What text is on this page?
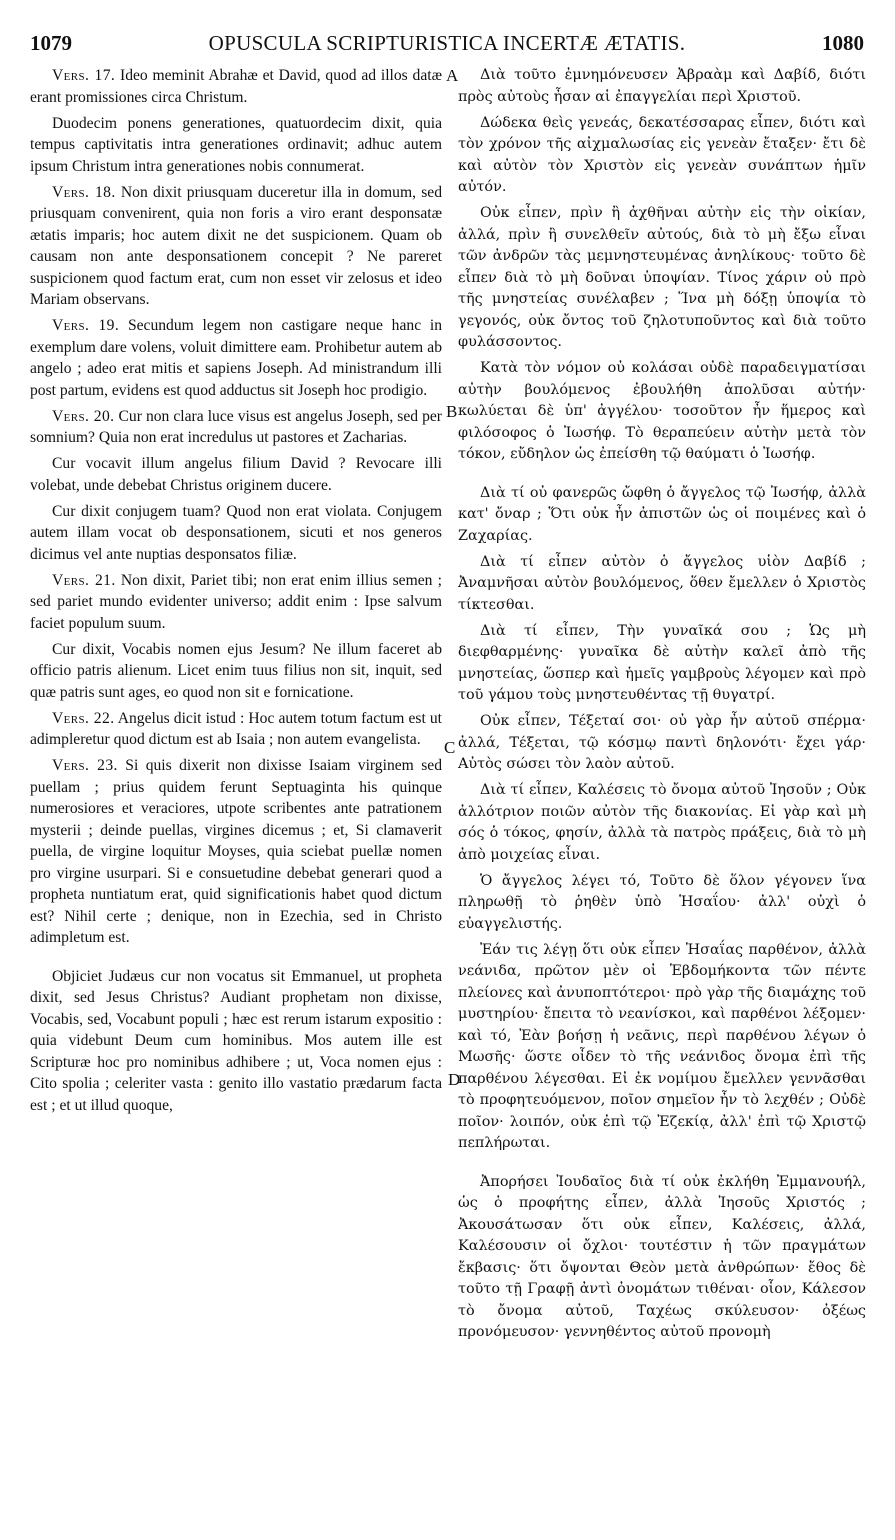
1079	OPUSCULA SCRIPTURISTICA INCERTÆ ÆTATIS.	1080
A
B
C
D

Vers. 17. Ideo meminit Abrahæ et David, quod ad illos datæ erant promissiones circa Christum.

Duodecim ponens generationes, quatuordecim dixit, quia tempus captivitatis intra generationes ordinavit; adhuc autem ipsum Christum intra generationes nobis connumerat.

Vers. 18. Non dixit priusquam duceretur illa in domum, sed priusquam convenirent, quia non foris a viro erant desponsatæ ætatis imparis; hoc autem dixit ne det suspicionem. Quam ob causam non ante desponsationem concepit ? Ne pareret suspicionem quod factum erat, cum non esset vir zelosus et ideo Mariam observans.

Vers. 19. Secundum legem non castigare neque hanc in exemplum dare volens, voluit dimittere eam. Prohibetur autem ab angelo ; adeo erat mitis et sapiens Joseph. Ad ministrandum illi post partum, evidens est quod adductus sit Joseph hoc prodigio.

Vers. 20. Cur non clara luce visus est angelus Joseph, sed per somnium? Quia non erat incredulus ut pastores et Zacharias.

Cur vocavit illum angelus filium David ? Revocare illi volebat, unde debebat Christus originem ducere.

Cur dixit conjugem tuam? Quod non erat violata. Conjugem autem illam vocat ob desponsationem, sicuti et nos generos dicimus vel ante nuptias desponsatos filiæ.

Vers. 21. Non dixit, Pariet tibi; non erat enim illius semen ; sed pariet mundo evidenter universo; addit enim : Ipse salvum faciet populum suum.

Cur dixit, Vocabis nomen ejus Jesum? Ne illum faceret ab officio patris alienum. Licet enim tuus filius non sit, inquit, sed quæ patris sunt ages, eo quod non sit e fornicatione.

Vers. 22. Angelus dicit istud : Hoc autem totum factum est ut adimpleretur quod dictum est ab Isaia ; non autem evangelista.

Vers. 23. Si quis dixerit non dixisse Isaiam virginem sed puellam ; prius quidem ferunt Septuaginta his quinque numerosiores et veraciores, utpote scribentes ante patrationem mysterii ; deinde puellas, virgines dicemus ; et, Si clamaverit puella, de virgine loquitur Moyses, quia sciebat puellæ nomen pro virgine usurpari. Si e consuetudine debebat generari quod a propheta nuntiatum erat, quid significationis habet quod dictum est? Nihil certe ; denique, non in Ezechia, sed in Christo adimpletum est.

Objiciet Judæus cur non vocatus sit Emmanuel, ut propheta dixit, sed Jesus Christus? Audiant prophetam non dixisse, Vocabis, sed, Vocabunt populi ; hæc est rerum istarum expositio : quia videbunt Deum cum hominibus. Mos autem ille est Scripturæ hoc pro nominibus adhibere ; ut, Voca nomen ejus : Cito spolia ; celeriter vasta : genito illo vastatio prædarum facta est ; et ut illud quoque,

Διὰ τοῦτο ἐμνημόνευσεν Ἀβραὰμ καὶ Δαβίδ, διότι πρὸς αὐτοὺς ἦσαν αἱ ἐπαγγελίαι περὶ Χριστοῦ.

Δώδεκα θεὶς γενεάς, δεκατέσσαρας εἶπεν, διότι καὶ τὸν χρόνον τῆς αἰχμαλωσίας εἰς γενεὰν ἔταξεν· ἔτι δὲ καὶ αὐτὸν τὸν Χριστὸν εἰς γενεὰν συνάπτων ἡμῖν αὐτόν.

Οὐκ εἶπεν, πρὶν ἢ ἀχθῆναι αὐτὴν εἰς τὴν οἰκίαν, ἀλλά, πρὶν ἢ συνελθεῖν αὐτούς, διὰ τὸ μὴ ἔξω εἶναι τῶν ἀνδρῶν τὰς μεμνηστευμένας ἀνηλίκους· τοῦτο δὲ εἶπεν διὰ τὸ μὴ δοῦναι ὑποψίαν. Τίνος χάριν οὐ πρὸ τῆς μνηστείας συνέλαβεν ; Ἵνα μὴ δόξῃ ὑποψία τὸ γεγονός, οὐκ ὄντος τοῦ ζηλοτυποῦντος καὶ διὰ τοῦτο φυλάσσοντος.

Κατὰ τὸν νόμον οὐ κολάσαι οὐδὲ παραδειγματίσαι αὐτὴν βουλόμενος ἐβουλήθη ἀπολῦσαι αὐτήν· κωλύεται δὲ ὑπ' ἀγγέλου· τοσοῦτον ἦν ἥμερος καὶ φιλόσοφος ὁ Ἰωσήφ. Τὸ θεραπεύειν αὐτὴν μετὰ τὸν τόκον, εὔδηλον ὡς ἐπείσθη τῷ θαύματι ὁ Ἰωσήφ.

Διὰ τί οὐ φανερῶς ὤφθη ὁ ἄγγελος τῷ Ἰωσήφ, ἀλλὰ κατ' ὄναρ ; Ὅτι οὐκ ἦν ἀπιστῶν ὡς οἱ ποιμένες καὶ ὁ Ζαχαρίας.

Διὰ τί εἶπεν αὐτὸν ὁ ἄγγελος υἱὸν Δαβίδ ; Ἀναμνῆσαι αὐτὸν βουλόμενος, ὅθεν ἔμελλεν ὁ Χριστὸς τίκτεσθαι.

Διὰ τί εἶπεν, Τὴν γυναῖκά σου ; Ὡς μὴ διεφθαρμένης· γυναῖκα δὲ αὐτὴν καλεῖ ἀπὸ τῆς μνηστείας, ὥσπερ καὶ ἡμεῖς γαμβροὺς λέγομεν καὶ πρὸ τοῦ γάμου τοὺς μνηστευθέντας τῇ θυγατρί.

Οὐκ εἶπεν, Τέξεταί σοι· οὐ γὰρ ἦν αὐτοῦ σπέρμα· ἀλλά, Τέξεται, τῷ κόσμῳ παντὶ δηλονότι· ἔχει γάρ· Αὐτὸς σώσει τὸν λαὸν αὐτοῦ.

Διὰ τί εἶπεν, Καλέσεις τὸ ὄνομα αὐτοῦ Ἰησοῦν ; Οὐκ ἀλλότριον ποιῶν αὐτὸν τῆς διακονίας. Εἰ γὰρ καὶ μὴ σός ὁ τόκος, φησίν, ἀλλὰ τὰ πατρὸς πράξεις, διὰ τὸ μὴ ἀπὸ μοιχείας εἶναι.

Ὁ ἄγγελος λέγει τό, Τοῦτο δὲ ὅλον γέγονεν ἵνα πληρωθῇ τὸ ῥηθὲν ὑπὸ Ἡσαΐου· ἀλλ' οὐχὶ ὁ εὐαγγελιστής.

Ἐάν τις λέγῃ ὅτι οὐκ εἶπεν Ἡσαΐας παρθένον, ἀλλὰ νεάνιδα, πρῶτον μὲν οἱ Ἑβδομήκοντα τῶν πέντε πλείονες καὶ ἀνυποπτότεροι· πρὸ γὰρ τῆς διαμάχης τοῦ μυστηρίου· ἔπειτα τὸ νεανίσκοι, καὶ παρθένοι λέξομεν· καὶ τό, Ἐὰν βοήσῃ ἡ νεᾶνις, περὶ παρθένου λέγων ὁ Μωσῆς· ὥστε οἶδεν τὸ τῆς νεάνιδος ὄνομα ἐπὶ τῆς παρθένου λέγεσθαι. Εἰ ἐκ νομίμου ἔμελλεν γεννᾶσθαι τὸ προφητευόμενον, ποῖον σημεῖον ἦν τὸ λεχθέν ; Οὐδὲ ποῖον· λοιπόν, οὐκ ἐπὶ τῷ Ἐζεκίᾳ, ἀλλ' ἐπὶ τῷ Χριστῷ πεπλήρωται.

Ἀπορήσει Ἰουδαῖος διὰ τί οὐκ ἐκλήθη Ἐμμανουήλ, ὡς ὁ προφήτης εἶπεν, ἀλλὰ Ἰησοῦς Χριστός ; Ἀκουσάτωσαν ὅτι οὐκ εἶπεν, Καλέσεις, ἀλλά, Καλέσουσιν οἱ ὄχλοι· τουτέστιν ἡ τῶν πραγμάτων ἔκβασις· ὅτι ὄψονται Θεὸν μετὰ ἀνθρώπων· ἔθος δὲ τοῦτο τῇ Γραφῇ ἀντὶ ὀνομάτων τιθέναι· οἷον, Κάλεσον τὸ ὄνομα αὐτοῦ, Ταχέως σκύλευσον· ὀξέως προνόμευσον· γεννηθέντος αὐτοῦ προνομὴ
